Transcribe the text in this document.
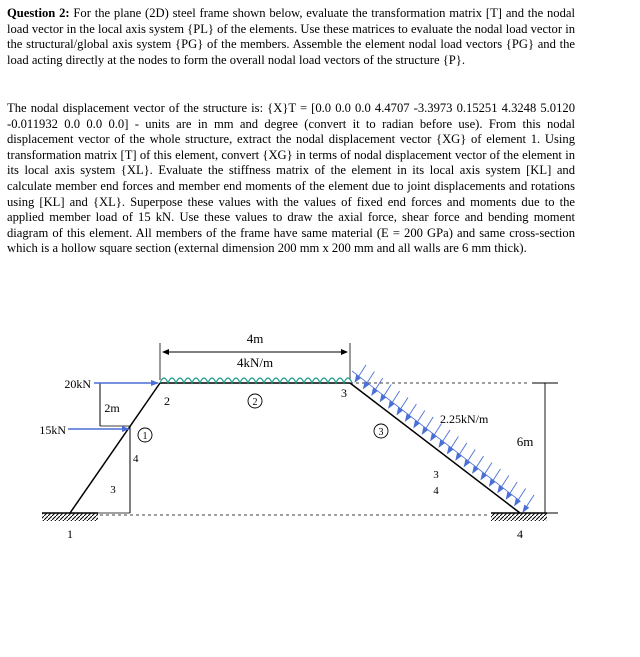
Question 2: For the plane (2D) steel frame shown below, evaluate the transformation matrix [T] and the nodal load vector in the local axis system {PL} of the elements. Use these matrices to evaluate the nodal load vector in the structural/global axis system {PG} of the members. Assemble the element nodal load vectors {PG} and the load acting directly at the nodes to form the overall nodal load vectors of the structure {P}.
The nodal displacement vector of the structure is: {X}T = [0.0 0.0 0.0 4.4707 -3.3973 0.15251 4.3248 5.0120 -0.011932 0.0 0.0 0.0] - units are in mm and degree (convert it to radian before use). From this nodal displacement vector of the whole structure, extract the nodal displacement vector {XG} of element 1. Using transformation matrix [T] of this element, convert {XG} in terms of nodal displacement vector of the element in its local axis system {XL}. Evaluate the stiffness matrix of the element in its local axis system [KL] and calculate member end forces and member end moments of the element due to joint displacements and rotations using [KL] and {XL}. Superpose these values with the values of fixed end forces and moments due to the applied member load of 15 kN. Use these values to draw the axial force, shear force and bending moment diagram of this element. All members of the frame have same material (E = 200 GPa) and same cross-section which is a hollow square section (external dimension 200 mm x 200 mm and all walls are 6 mm thick).
1
2
3
1
2
3
4
3
4
3
4
4m
4kN/m
2m
6m
20kN
15kN
2.25kN/m
